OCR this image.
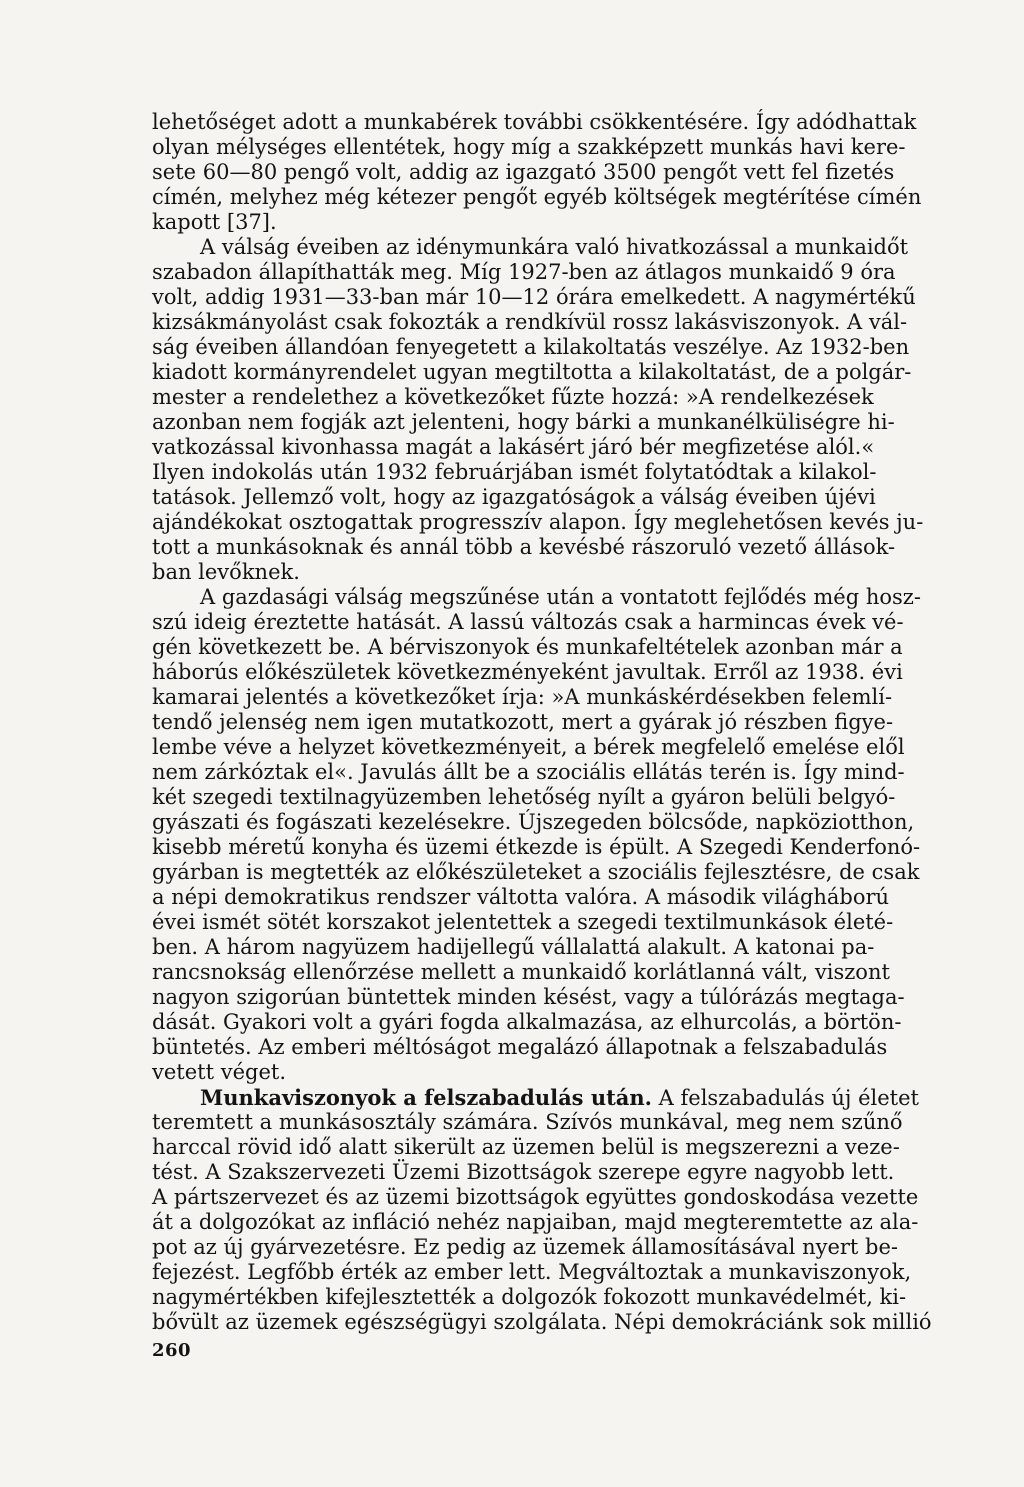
lehetőséget adott a munkabérek további csökkentésére. Így adódhattak
olyan mélységes ellentétek, hogy míg a szakképzett munkás havi kere-
sete 60—80 pengő volt, addig az igazgató 3500 pengőt vett fel fizetés
címén, melyhez még kétezer pengőt egyéb költségek megtérítése címén
kapott [37].
A válság éveiben az idénymunkára való hivatkozással a munkaidőt
szabadon állapíthatták meg. Míg 1927-ben az átlagos munkaidő 9 óra
volt, addig 1931—33-ban már 10—12 órára emelkedett. A nagymértékű
kizsákmányolást csak fokozták a rendkívül rossz lakásviszonyok. A vál-
ság éveiben állandóan fenyegetett a kilakoltatás veszélye. Az 1932-ben
kiadott kormányrendelet ugyan megtiltotta a kilakoltatást, de a polgár-
mester a rendelethez a következőket fűzte hozzá: »A rendelkezések
azonban nem fogják azt jelenteni, hogy bárki a munkanélküliségre hi-
vatkozással kivonhassa magát a lakásért járó bér megfizetése alól.«
Ilyen indokolás után 1932 februárjában ismét folytatódtak a kilakol-
tatások. Jellemző volt, hogy az igazgatóságok a válság éveiben újévi
ajándékokat osztogattak progresszív alapon. Így meglehetősen kevés ju-
tott a munkásoknak és annál több a kevésbé rászoruló vezető állások-
ban levőknek.
A gazdasági válság megszűnése után a vontatott fejlődés még hosz-
szú ideig éreztette hatását. A lassú változás csak a harmincas évek vé-
gén következett be. A bérviszonyok és munkafeltételek azonban már a
háborús előkészületek következményeként javultak. Erről az 1938. évi
kamarai jelentés a következőket írja: »A munkáskérdésekben felemlí-
tendő jelenség nem igen mutatkozott, mert a gyárak jó részben figye-
lembe véve a helyzet következményeit, a bérek megfelelő emelése elől
nem zárkóztak el«. Javulás állt be a szociális ellátás terén is. Így mind-
két szegedi textilnagyüzemben lehetőség nyílt a gyáron belüli belgyó-
gyászati és fogászati kezelésekre. Újszegeden bölcsőde, napköziotthon,
kisebb méretű konyha és üzemi étkezde is épült. A Szegedi Kenderfonó-
gyárban is megtették az előkészületeket a szociális fejlesztésre, de csak
a népi demokratikus rendszer váltotta valóra. A második világháború
évei ismét sötét korszakot jelentettek a szegedi textilmunkások életé-
ben. A három nagyüzem hadijellegű vállalattá alakult. A katonai pa-
rancsnokság ellenőrzése mellett a munkaidő korlátlanná vált, viszont
nagyon szigorúan büntettek minden késést, vagy a túlórázás megtaga-
dását. Gyakori volt a gyári fogda alkalmazása, az elhurcolás, a börtön-
büntetés. Az emberi méltóságot megalázó állapotnak a felszabadulás
vetett véget.
Munkaviszonyok a felszabadulás után. A felszabadulás új életet
teremtett a munkásosztály számára. Szívós munkával, meg nem szűnő
harccal rövid idő alatt sikerült az üzemen belül is megszerezni a veze-
tést. A Szakszervezeti Üzemi Bizottságok szerepe egyre nagyobb lett.
A pártszervezet és az üzemi bizottságok együttes gondoskodása vezette
át a dolgozókat az infláció nehéz napjaiban, majd megteremtette az ala-
pot az új gyárvezetésre. Ez pedig az üzemek államosításával nyert be-
fejezést. Legfőbb érték az ember lett. Megváltoztak a munkaviszonyok,
nagymértékben kifejlesztették a dolgozók fokozott munkavédelmét, ki-
bővült az üzemek egészségügyi szolgálata. Népi demokráciánk sok millió
260
